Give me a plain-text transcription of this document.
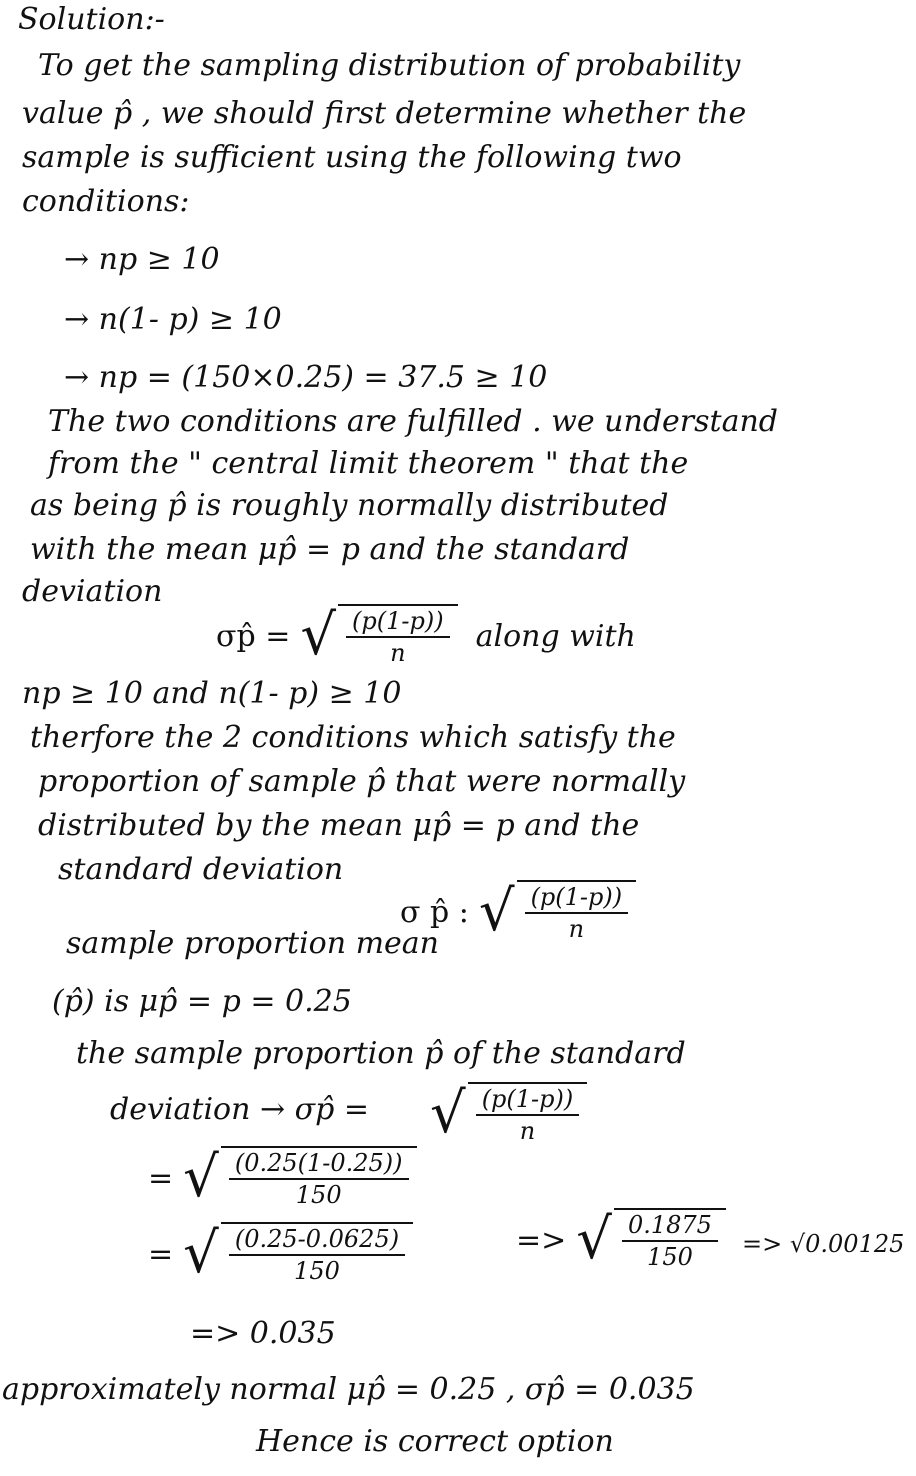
Solution:-
To get the sampling distribution of probability
value p̂ , we should first determine whether the
sample is sufficient using the following two
conditions:
→ np ≥ 10
→ n(1- p) ≥ 10
→ np = (150×0.25) = 37.5 ≥ 10
The two conditions are fulfilled . we understand
from the " central limit theorem " that the
as being p̂ is roughly normally distributed
with the mean μp̂ = p and the standard
deviation
σp̂ = √ $\frac{(p(1-p))}{n}$ along with
np ≥ 10 and n(1- p) ≥ 10
therfore the 2 conditions which satisfy the
proportion of sample p̂ that were normally
distributed by the mean μp̂ = p and the
standard deviation
σ p̂ : √ $\frac{(p(1-p))}{n}$
sample proportion mean
(p̂) is μp̂ = p = 0.25
the sample proportion p̂ of the standard
deviation → σp̂ = √ $\frac{(p(1-p))}{n}$
= √ $\frac{(0.25(1-0.25))}{150}$
= √ $\frac{(0.25-0.0625)}{150}$	=> √ $\frac{0.1875}{150} => √0.00125$
=> 0.035
approximately normal μp̂ = 0.25 , σp̂ = 0.035
Hence is correct option
